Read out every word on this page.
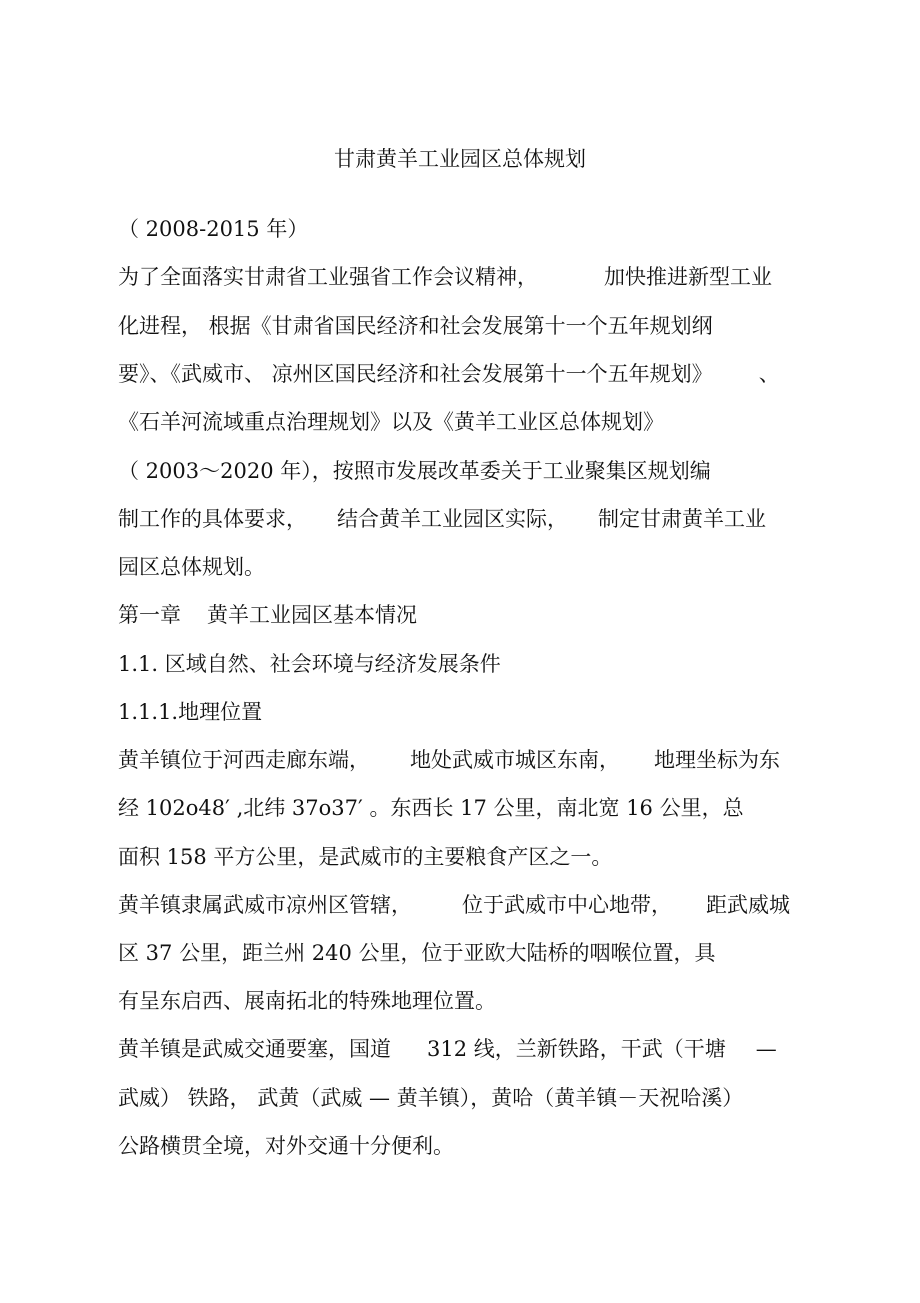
甘肃黄羊工业园区总体规划
（ 2008-2015 年）
为了全面落实甘肃省工业强省工作会议精神，	加快推进新型工业
化进程， 根据《甘肃省国民经济和社会发展第十一个五年规划纲
要》、《武威市、 凉州区国民经济和社会发展第十一个五年规划》 、
《石羊河流域重点治理规划》以及《黄羊工业区总体规划》
（ 2003～2020 年），按照市发展改革委关于工业聚集区规划编
制工作的具体要求， 结合黄羊工业园区实际， 制定甘肃黄羊工业
园区总体规划。
第一章 黄羊工业园区基本情况
1.1. 区域自然、社会环境与经济发展条件
1.1.1.地理位置
黄羊镇位于河西走廊东端， 地处武威市城区东南， 地理坐标为东
经 102o48′ ,北纬 37o37′ 。东西长 17 公里，南北宽 16 公里，总
面积 158 平方公里，是武威市的主要粮食产区之一。
黄羊镇隶属武威市凉州区管辖， 位于武威市中心地带， 距武威城
区 37 公里，距兰州 240 公里，位于亚欧大陆桥的咽喉位置，具
有呈东启西、展南拓北的特殊地理位置。
黄羊镇是武威交通要塞，国道 312 线，兰新铁路，干武（干塘 —
武威） 铁路， 武黄（武威 — 黄羊镇），黄哈（黄羊镇－天祝哈溪）
公路横贯全境，对外交通十分便利。
